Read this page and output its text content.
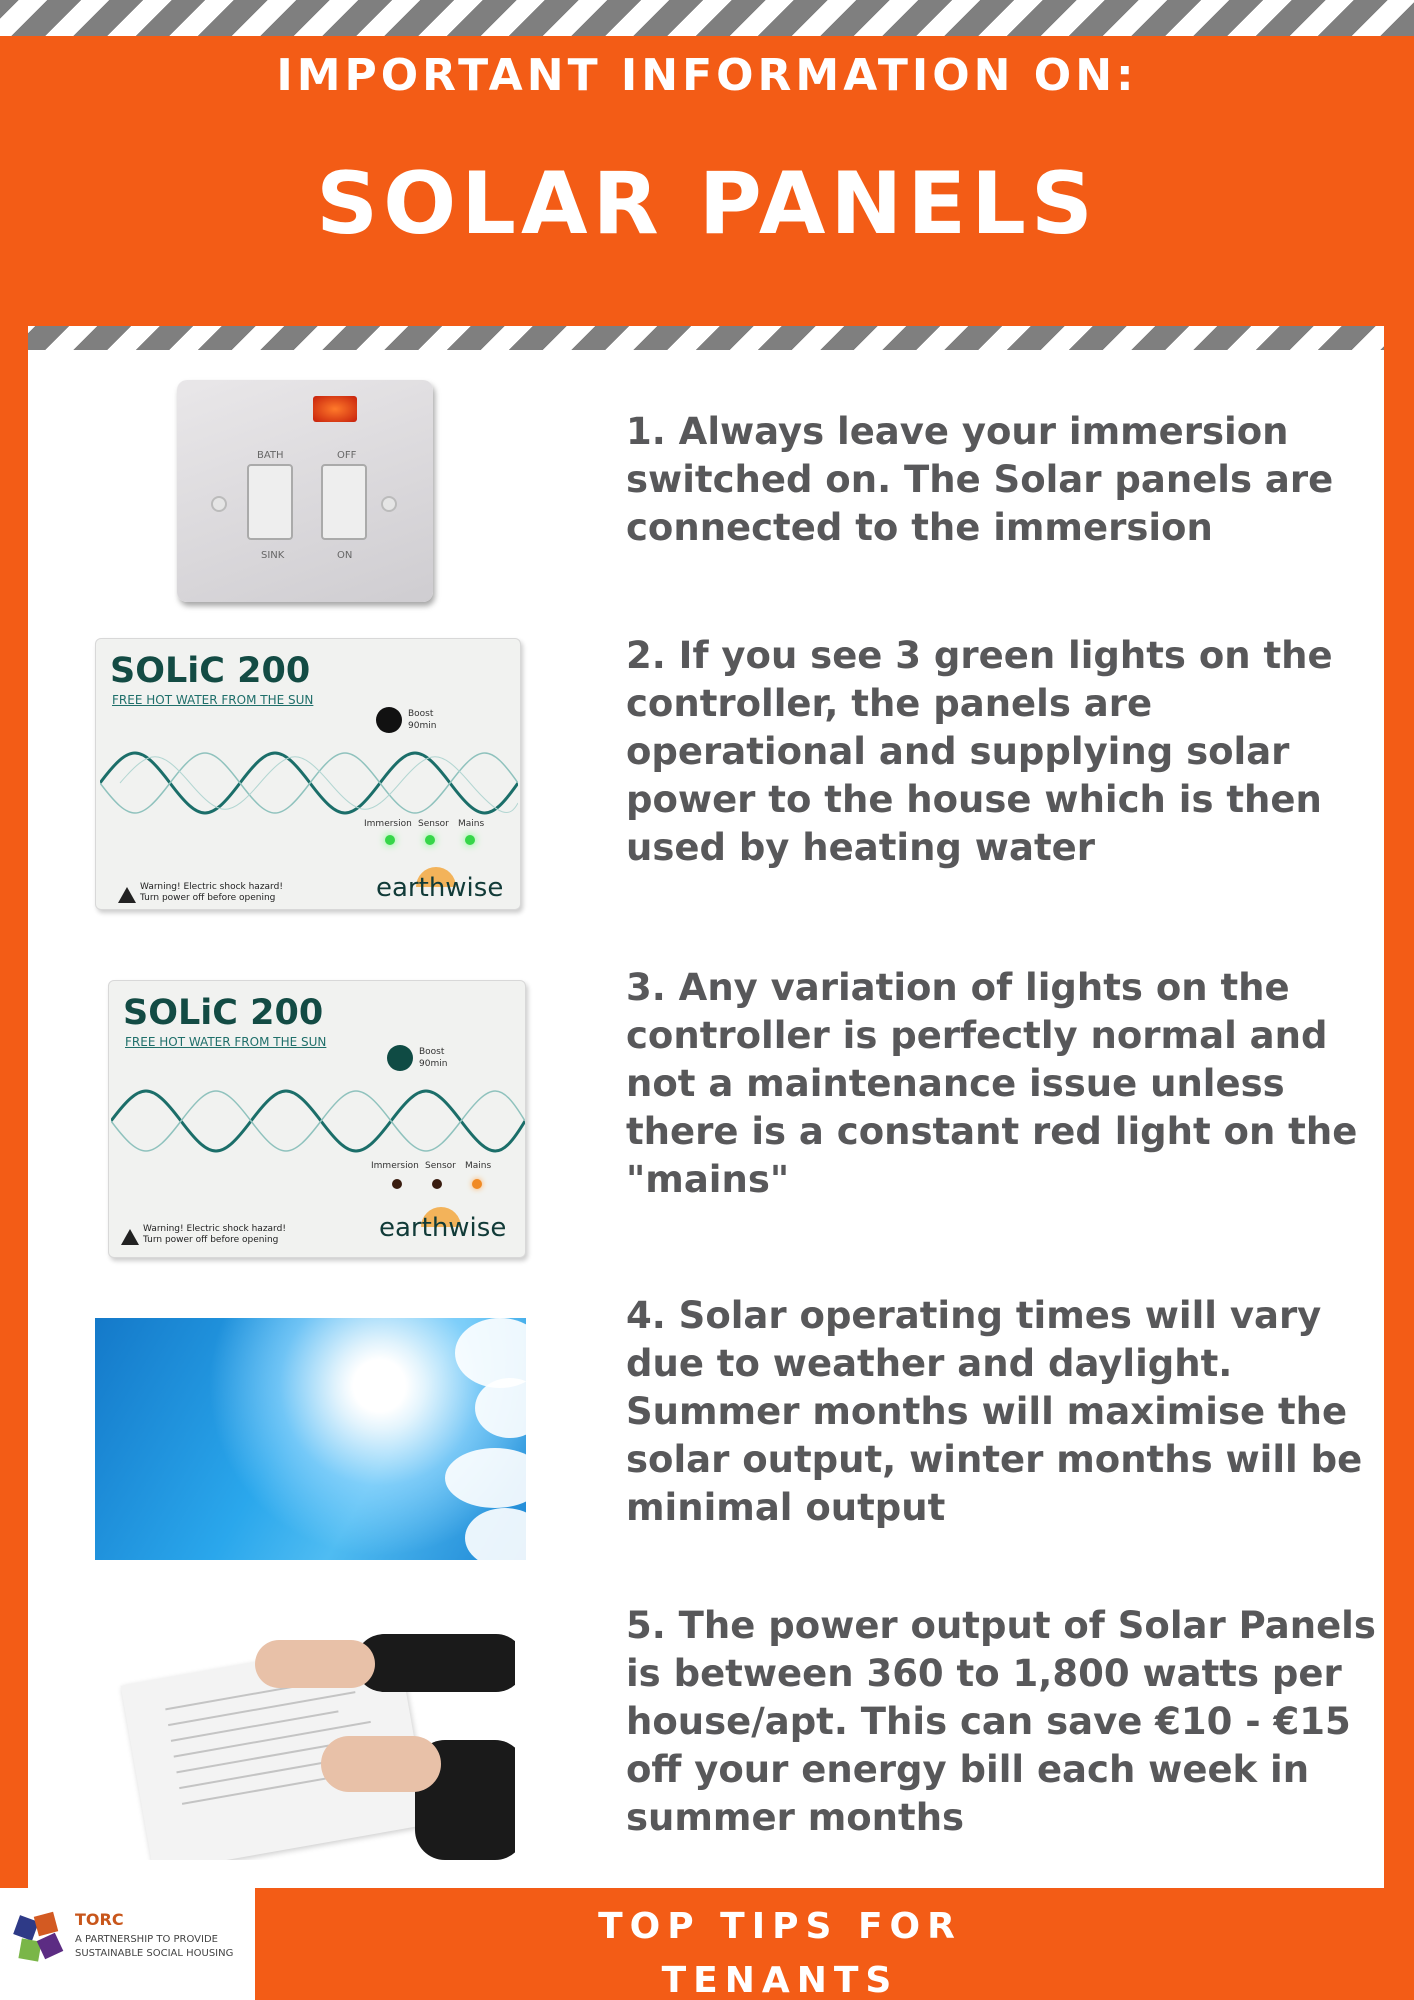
IMPORTANT INFORMATION ON:
SOLAR PANELS
BATH	OFF
SINK	ON
1. Always leave your immersion switched on. The Solar panels are connected to the immersion
SOLiC 200
FREE HOT WATER FROM THE SUN
Boost
90min
Immersion Sensor Mains
Warning! Electric shock hazard!
Turn power off before opening	earthwise
2. If you see 3 green lights on the controller, the panels are operational and supplying solar power to the house which is then used by heating water
SOLiC 200
FREE HOT WATER FROM THE SUN
Boost
90min
Immersion Sensor Mains
Warning! Electric shock hazard!
Turn power off before opening	earthwise
3. Any variation of lights on the controller is perfectly normal and not a maintenance issue unless there is a constant red light on the "mains"
4. Solar operating times will vary due to weather and daylight. Summer months will maximise the solar output, winter months will be minimal output
5. The power output of Solar Panels is between 360 to 1,800 watts per house/apt. This can save €10 - €15 off your energy bill each week in summer months
TORC
A PARTNERSHIP TO PROVIDE
SUSTAINABLE SOCIAL HOUSING
TOP TIPS FOR
TENANTS
